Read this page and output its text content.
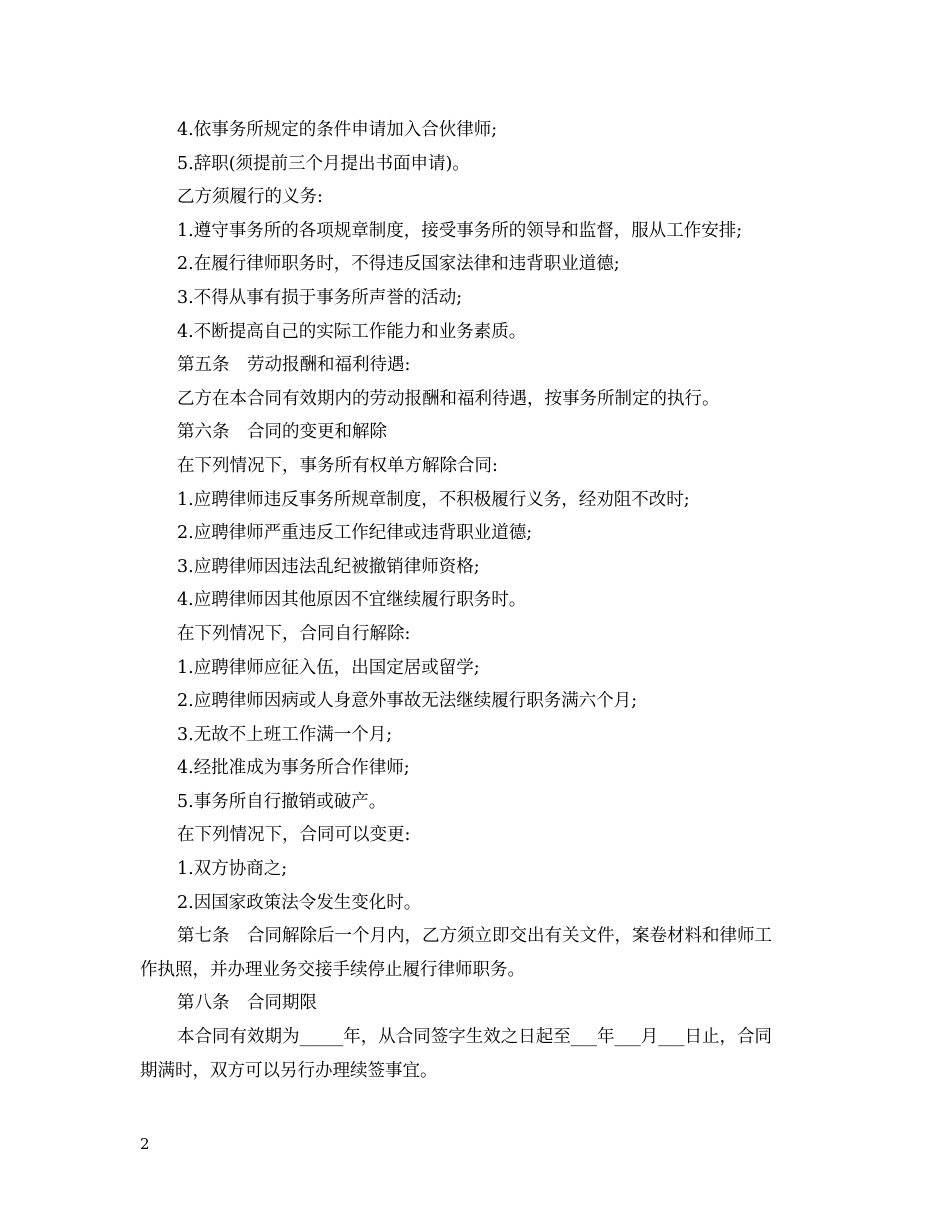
4.依事务所规定的条件申请加入合伙律师;
5.辞职(须提前三个月提出书面申请)。
乙方须履行的义务:
1.遵守事务所的各项规章制度，接受事务所的领导和监督，服从工作安排;
2.在履行律师职务时，不得违反国家法律和违背职业道德;
3.不得从事有损于事务所声誉的活动;
4.不断提高自己的实际工作能力和业务素质。
第五条　劳动报酬和福利待遇:
乙方在本合同有效期内的劳动报酬和福利待遇，按事务所制定的执行。
第六条　合同的变更和解除
在下列情况下，事务所有权单方解除合同:
1.应聘律师违反事务所规章制度，不积极履行义务，经劝阻不改时;
2.应聘律师严重违反工作纪律或违背职业道德;
3.应聘律师因违法乱纪被撤销律师资格;
4.应聘律师因其他原因不宜继续履行职务时。
在下列情况下，合同自行解除:
1.应聘律师应征入伍，出国定居或留学;
2.应聘律师因病或人身意外事故无法继续履行职务满六个月;
3.无故不上班工作满一个月;
4.经批准成为事务所合作律师;
5.事务所自行撤销或破产。
在下列情况下，合同可以变更:
1.双方协商之;
2.因国家政策法令发生变化时。
第七条　合同解除后一个月内，乙方须立即交出有关文件，案卷材料和律师工
作执照，并办理业务交接手续停止履行律师职务。
第八条　合同期限
本合同有效期为_____年，从合同签字生效之日起至___年___月___日止，合同
期满时，双方可以另行办理续签事宜。
2
